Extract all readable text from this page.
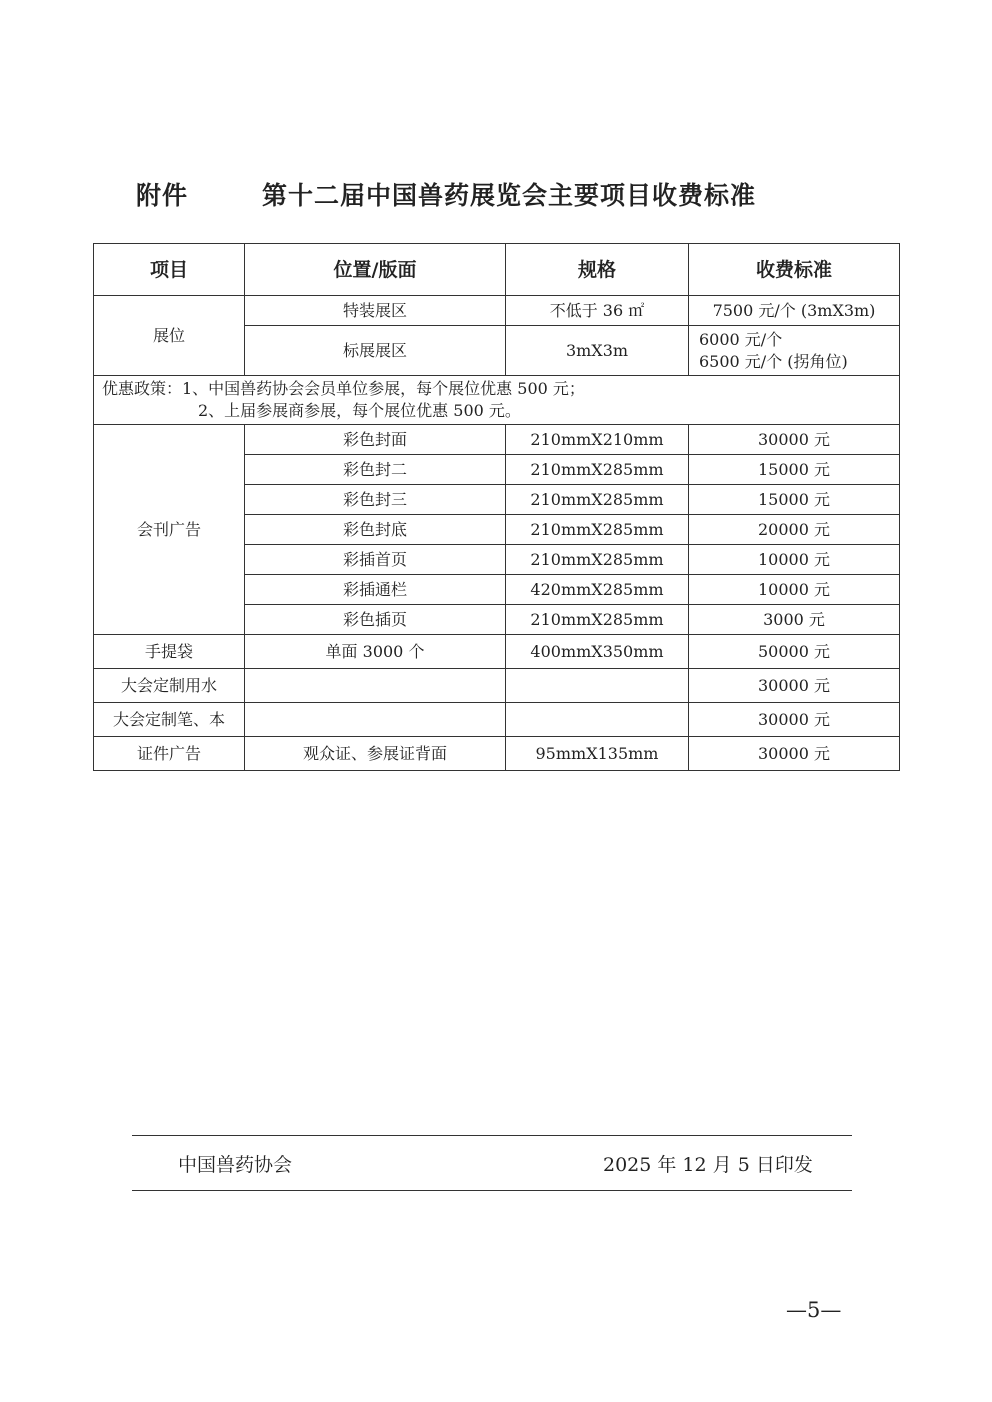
附件	第十二届中国兽药展览会主要项目收费标准
项目	位置/版面	规格	收费标准
展位	特装展区	不低于 36 ㎡	7500 元/个 (3mX3m)
	标展展区	3mX3m	6000 元/个
6500 元/个 (拐角位)

优惠政策：1、中国兽药协会会员单位参展，每个展位优惠 500 元；
2、上届参展商参展，每个展位优惠 500 元。			

会刊广告	彩色封面	210mmX210mm	30000 元
	彩色封二	210mmX285mm	15000 元
	彩色封三	210mmX285mm	15000 元
	彩色封底	210mmX285mm	20000 元
	彩插首页	210mmX285mm	10000 元
	彩插通栏	420mmX285mm	10000 元
	彩色插页	210mmX285mm	3000 元
手提袋	单面 3000 个	400mmX350mm	50000 元
大会定制用水			30000 元
大会定制笔、本			30000 元
证件广告	观众证、参展证背面	95mmX135mm	30000 元
中国兽药协会	2025 年 12 月 5 日印发
—5—
